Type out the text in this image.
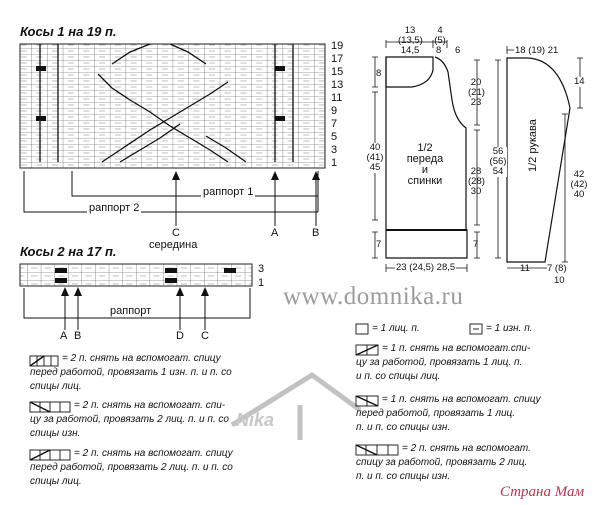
Косы 1 на 19 п.
19
17
15
13
11
9
7
5
3
1
раппорт 1
раппорт 2
C	A	B
середина
Косы 2 на 17 п.
3
1
раппорт
A B	D C
13
(13,5)
14,5
4
(5)
8 6
8
20
(21)
23
28
(28)
30
40
(41)
45
56
(56)
54
7	7
23 (24,5) 28,5
1/2
переда
и
спинки
18 (19) 21
14
42
(42)
40
11 7 (8)
10
1/2 рукава
www.domnika.ru
Nika
Страна Мам
= 2 п. снять на вспомогат. спицу
перед работой, провязать 1 изн. п. и п. со
спицы лиц.
= 2 п. снять на вспомогат. спи-
цу за работой, провязать 2 лиц. п. и п. со
спицы изн.
= 2 п. снять на вспомогат. спицу
перед работой, провязать 2 лиц. п. и п. со
спицы лиц.
= 1 лиц. п.	= 1 изн. п.
= 1 п. снять на вспомогат.спи-
цу за работой, провязать 1 лиц. п.
и п. со спицы лиц.
= 1 п. снять на вспомогат. спицу
перед работой, провязать 1 лиц.
п. и п. со спицы изн.
= 2 п. снять на вспомогат.
спицу за работой, провязать 2 лиц.
п. и п. со спицы изн.
